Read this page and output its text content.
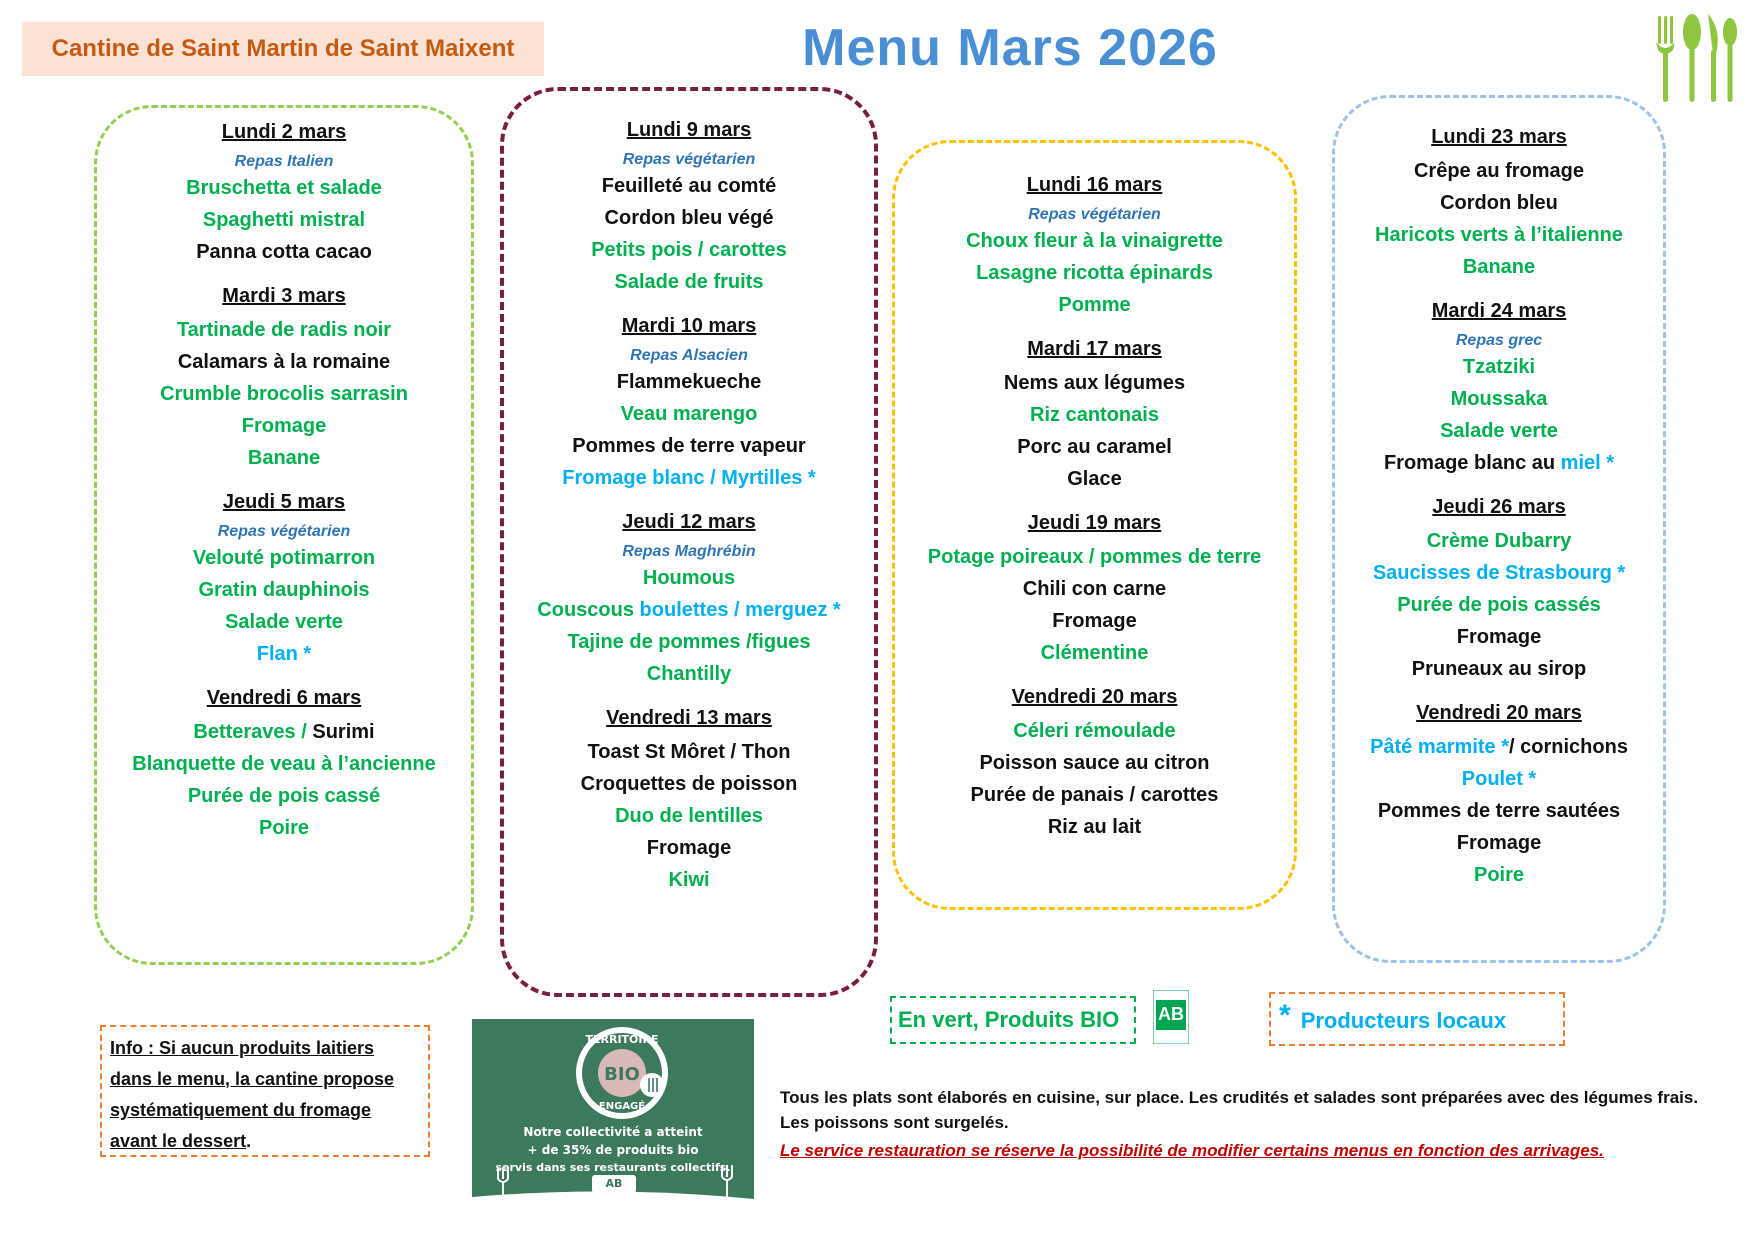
Cantine de Saint Martin de Saint Maixent	Menu Mars 2026
Lundi 2 mars
Repas Italien
Bruschetta et salade
Spaghetti mistral
Panna cotta cacao
Mardi 3 mars
Tartinade de radis noir
Calamars à la romaine
Crumble brocolis sarrasin
Fromage
Banane
Jeudi 5 mars
Repas végétarien
Velouté potimarron
Gratin dauphinois
Salade verte
Flan *
Vendredi 6 mars
Betteraves / Surimi
Blanquette de veau à l’ancienne
Purée de pois cassé
Poire
Lundi 9 mars
Repas végétarien
Feuilleté au comté
Cordon bleu végé
Petits pois / carottes
Salade de fruits
Mardi 10 mars
Repas Alsacien
Flammekueche
Veau marengo
Pommes de terre vapeur
Fromage blanc / Myrtilles *
Jeudi 12 mars
Repas Maghrébin
Houmous
Couscous boulettes / merguez *
Tajine de pommes /figues
Chantilly
Vendredi 13 mars
Toast St Môret / Thon
Croquettes de poisson
Duo de lentilles
Fromage
Kiwi
Lundi 16 mars
Repas végétarien
Choux fleur à la vinaigrette
Lasagne ricotta épinards
Pomme
Mardi 17 mars
Nems aux légumes
Riz cantonais
Porc au caramel
Glace
Jeudi 19 mars
Potage poireaux / pommes de terre
Chili con carne
Fromage
Clémentine
Vendredi 20 mars
Céleri rémoulade
Poisson sauce au citron
Purée de panais / carottes
Riz au lait
Lundi 23 mars
Crêpe au fromage
Cordon bleu
Haricots verts à l’italienne
Banane
Mardi 24 mars
Repas grec
Tzatziki
Moussaka
Salade verte
Fromage blanc au miel *
Jeudi 26 mars
Crème Dubarry
Saucisses de Strasbourg *
Purée de pois cassés
Fromage
Pruneaux au sirop
Vendredi 20 mars
Pâté marmite */ cornichons
Poulet *
Pommes de terre sautées
Fromage
Poire

Info : Si aucun produits laitiers

dans le menu, la cantine propose

systématiquement du fromage

avant le dessert.

TERRITOIRE
BIO
ENGAGÉ
Notre collectivité a atteint
+ de 35% de produits bio
servis dans ses restaurants collectifs.
AB
En vert, Produits BIO AB	* Producteurs locaux
Tous les plats sont élaborés en cuisine, sur place. Les crudités et salades sont préparées avec des légumes frais. Les poissons sont surgelés.
Le service restauration se réserve la possibilité de modifier certains menus en fonction des arrivages.
